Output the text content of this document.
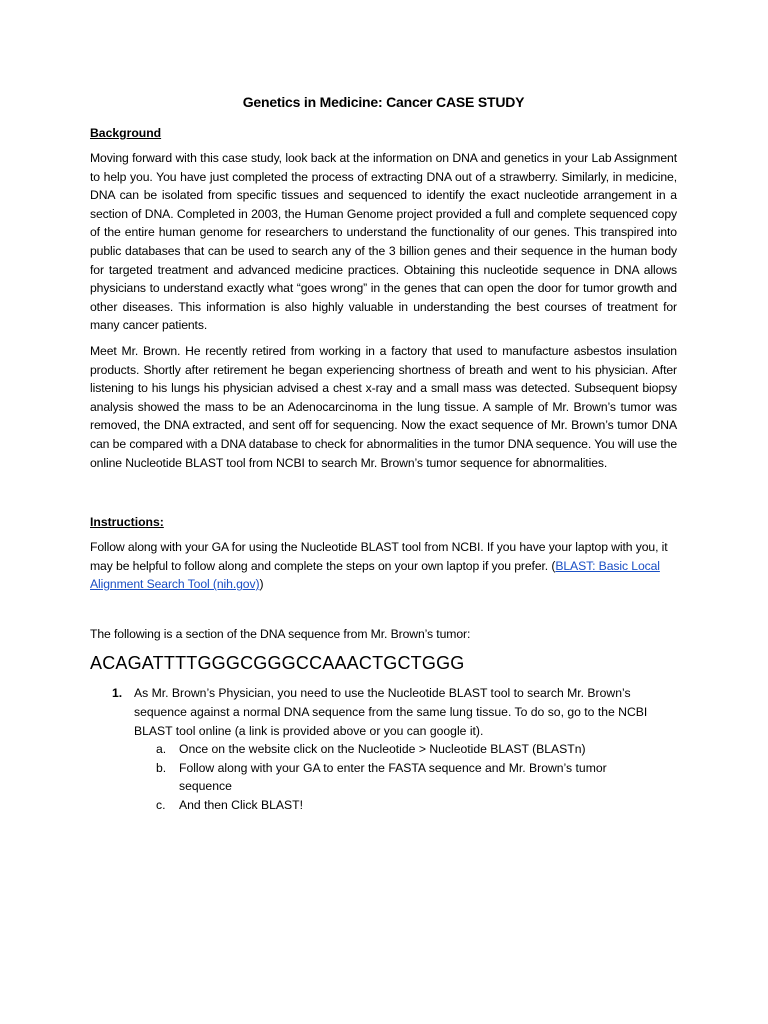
Genetics in Medicine: Cancer CASE STUDY
Background

Moving forward with this case study, look back at the information on DNA and genetics in your Lab Assignment to help you. You have just completed the process of extracting DNA out of a strawberry. Similarly, in medicine, DNA can be isolated from specific tissues and sequenced to identify the exact nucleotide arrangement in a section of DNA. Completed in 2003, the Human Genome project provided a full and complete sequenced copy of the entire human genome for researchers to understand the functionality of our genes. This transpired into public databases that can be used to search any of the 3 billion genes and their sequence in the human body for targeted treatment and advanced medicine practices. Obtaining this nucleotide sequence in DNA allows physicians to understand exactly what “goes wrong” in the genes that can open the door for tumor growth and other diseases. This information is also highly valuable in understanding the best courses of treatment for many cancer patients.

Meet Mr. Brown. He recently retired from working in a factory that used to manufacture asbestos insulation products. Shortly after retirement he began experiencing shortness of breath and went to his physician. After listening to his lungs his physician advised a chest x-ray and a small mass was detected. Subsequent biopsy analysis showed the mass to be an Adenocarcinoma in the lung tissue. A sample of Mr. Brown’s tumor was removed, the DNA extracted, and sent off for sequencing. Now the exact sequence of Mr. Brown’s tumor DNA can be compared with a DNA database to check for abnormalities in the tumor DNA sequence. You will use the online Nucleotide BLAST tool from NCBI to search Mr. Brown’s tumor sequence for abnormalities.

Instructions:

Follow along with your GA for using the Nucleotide BLAST tool from NCBI. If you have your laptop with you, it may be helpful to follow along and complete the steps on your own laptop if you prefer. (BLAST: Basic Local Alignment Search Tool (nih.gov))

The following is a section of the DNA sequence from Mr. Brown’s tumor:

ACAGATTTTGGGCGGGCCAAACTGCTGGG
1. As Mr. Brown’s Physician, you need to use the Nucleotide BLAST tool to search Mr. Brown’s sequence against a normal DNA sequence from the same lung tissue. To do so, go to the NCBI BLAST tool online (a link is provided above or you can google it).
a.	Once on the website click on the Nucleotide > Nucleotide BLAST (BLASTn)
b.	Follow along with your GA to enter the FASTA sequence and Mr. Brown’s tumor sequence
c.	And then Click BLAST!
